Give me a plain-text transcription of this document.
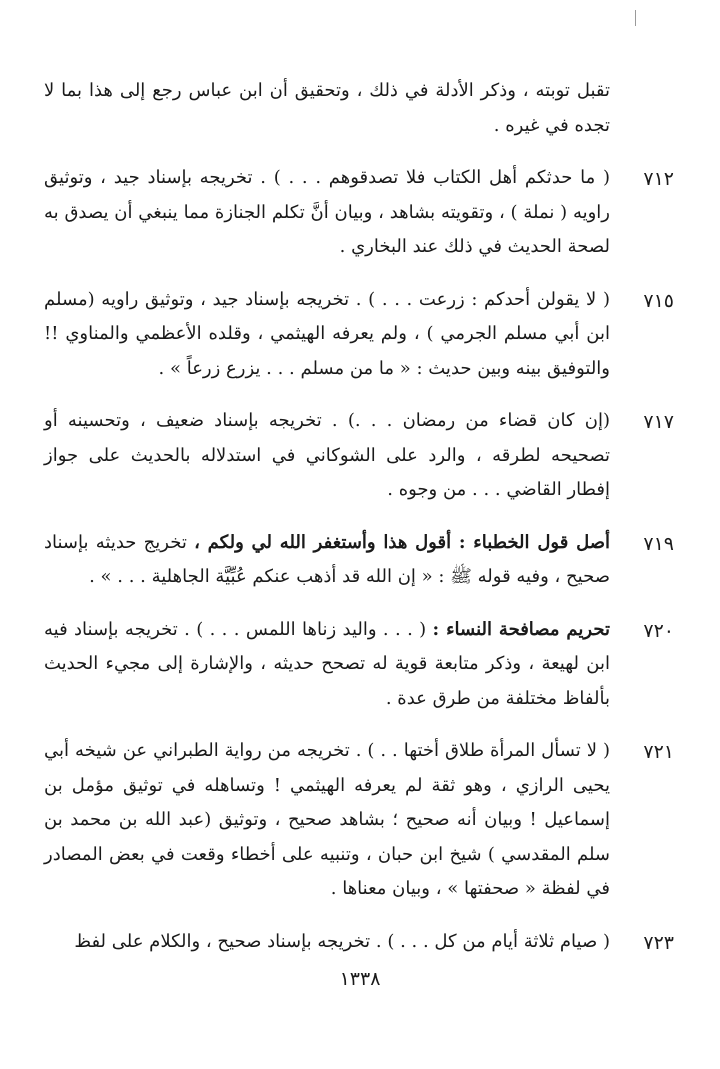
تقبل توبته ، وذكر الأدلة في ذلك ، وتحقيق أن ابن عباس رجع إلى هذا بما لا تجده في غيره .
٧١٢
( ما حدثكم أهل الكتاب فلا تصدقوهم . . . ) . تخريجه بإسناد جيد ، وتوثيق راويه ( نملة ) ، وتقويته بشاهد ، وبيان أنَّ تكلم الجنازة مما ينبغي أن يصدق به لصحة الحديث في ذلك عند البخاري .
٧١٥
( لا يقولن أحدكم : زرعت . . . ) . تخريجه بإسناد جيد ، وتوثيق راويه (مسلم ابن أبي مسلم الجرمي ) ، ولم يعرفه الهيثمي ، وقلده الأعظمي والمناوي !! والتوفيق بينه وبين حديث : « ما من مسلم . . . يزرع زرعاً » .
٧١٧
(إن كان قضاء من رمضان . . .) . تخريجه بإسناد ضعيف ، وتحسينه أو تصحيحه لطرقه ، والرد على الشوكاني في استدلاله بالحديث على جواز إفطار القاضي . . . من وجوه .
٧١٩
أصل قول الخطباء : أقول هذا وأستغفر الله لي ولكم ، تخريج حديثه بإسناد صحيح ، وفيه قوله ﷺ : « إن الله قد أذهب عنكم عُبِّيَّة الجاهلية . . . » .
٧٢٠
تحريم مصافحة النساء : ( . . . واليد زناها اللمس . . . ) . تخريجه بإسناد فيه ابن لهيعة ، وذكر متابعة قوية له تصحح حديثه ، والإشارة إلى مجيء الحديث بألفاظ مختلفة من طرق عدة .
٧٢١
( لا تسأل المرأة طلاق أختها . . ) . تخريجه من رواية الطبراني عن شيخه أبي يحيى الرازي ، وهو ثقة لم يعرفه الهيثمي ! وتساهله في توثيق مؤمل بن إسماعيل ! وبيان أنه صحيح ؛ بشاهد صحيح ، وتوثيق (عبد الله بن محمد بن سلم المقدسي ) شيخ ابن حبان ، وتنبيه على أخطاء وقعت في بعض المصادر في لفظة « صحفتها » ، وبيان معناها .
٧٢٣
( صيام ثلاثة أيام من كل . . . ) . تخريجه بإسناد صحيح ، والكلام على لفظ
١٣٣٨
